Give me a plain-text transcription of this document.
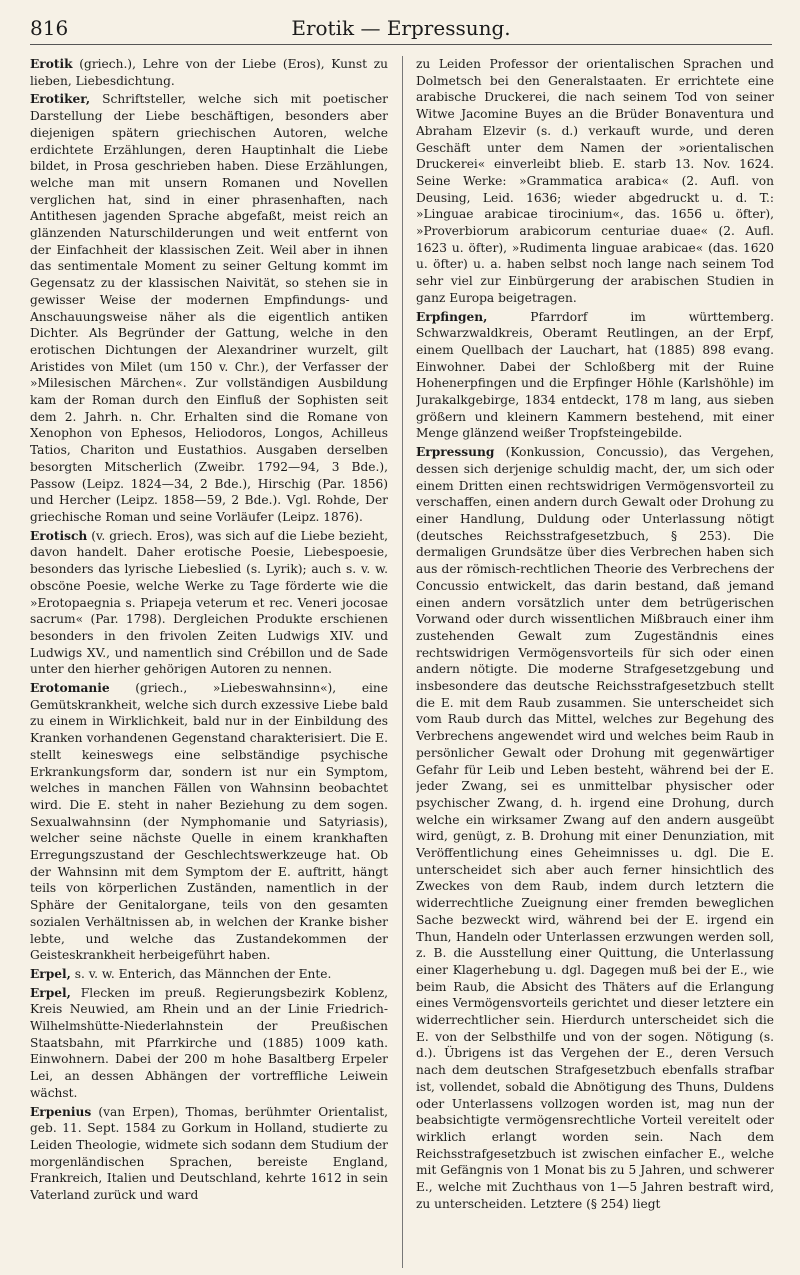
816	Erotik — Erpressung.

Erotik (griech.), Lehre von der Liebe (Eros), Kunst zu lieben, Liebesdichtung.

Erotiker, Schriftsteller, welche sich mit poetischer Darstellung der Liebe beschäftigen, besonders aber diejenigen spätern griechischen Autoren, welche erdichtete Erzählungen, deren Hauptinhalt die Liebe bildet, in Prosa geschrieben haben. Diese Erzählungen, welche man mit unsern Romanen und Novellen verglichen hat, sind in einer phrasenhaften, nach Antithesen jagenden Sprache abgefaßt, meist reich an glänzenden Naturschilderungen und weit entfernt von der Einfachheit der klassischen Zeit. Weil aber in ihnen das sentimentale Moment zu seiner Geltung kommt im Gegensatz zu der klassischen Naivität, so stehen sie in gewisser Weise der modernen Empfindungs- und Anschauungsweise näher als die eigentlich antiken Dichter. Als Begründer der Gattung, welche in den erotischen Dichtungen der Alexandriner wurzelt, gilt Aristides von Milet (um 150 v. Chr.), der Verfasser der »Milesischen Märchen«. Zur vollständigen Ausbildung kam der Roman durch den Einfluß der Sophisten seit dem 2. Jahrh. n. Chr. Erhalten sind die Romane von Xenophon von Ephesos, Heliodoros, Longos, Achilleus Tatios, Chariton und Eustathios. Ausgaben derselben besorgten Mitscherlich (Zweibr. 1792—94, 3 Bde.), Passow (Leipz. 1824—34, 2 Bde.), Hirschig (Par. 1856) und Hercher (Leipz. 1858—59, 2 Bde.). Vgl. Rohde, Der griechische Roman und seine Vorläufer (Leipz. 1876).

Erotisch (v. griech. Eros), was sich auf die Liebe bezieht, davon handelt. Daher erotische Poesie, Liebespoesie, besonders das lyrische Liebeslied (s. Lyrik); auch s. v. w. obscöne Poesie, welche Werke zu Tage förderte wie die »Erotopaegnia s. Priapeja veterum et rec. Veneri jocosae sacrum« (Par. 1798). Dergleichen Produkte erschienen besonders in den frivolen Zeiten Ludwigs XIV. und Ludwigs XV., und namentlich sind Crébillon und de Sade unter den hierher gehörigen Autoren zu nennen.

Erotomanie (griech., »Liebeswahnsinn«), eine Gemütskrankheit, welche sich durch exzessive Liebe bald zu einem in Wirklichkeit, bald nur in der Einbildung des Kranken vorhandenen Gegenstand charakterisiert. Die E. stellt keineswegs eine selbständige psychische Erkrankungsform dar, sondern ist nur ein Symptom, welches in manchen Fällen von Wahnsinn beobachtet wird. Die E. steht in naher Beziehung zu dem sogen. Sexualwahnsinn (der Nymphomanie und Satyriasis), welcher seine nächste Quelle in einem krankhaften Erregungszustand der Geschlechtswerkzeuge hat. Ob der Wahnsinn mit dem Symptom der E. auftritt, hängt teils von körperlichen Zuständen, namentlich in der Sphäre der Genitalorgane, teils von den gesamten sozialen Verhältnissen ab, in welchen der Kranke bisher lebte, und welche das Zustandekommen der Geisteskrankheit herbeigeführt haben.

Erpel, s. v. w. Enterich, das Männchen der Ente.

Erpel, Flecken im preuß. Regierungsbezirk Koblenz, Kreis Neuwied, am Rhein und an der Linie Friedrich-Wilhelmshütte-Niederlahnstein der Preußischen Staatsbahn, mit Pfarrkirche und (1885) 1009 kath. Einwohnern. Dabei der 200 m hohe Basaltberg Erpeler Lei, an dessen Abhängen der vortreffliche Leiwein wächst.

Erpenius (van Erpen), Thomas, berühmter Orientalist, geb. 11. Sept. 1584 zu Gorkum in Holland, studierte zu Leiden Theologie, widmete sich sodann dem Studium der morgenländischen Sprachen, bereiste England, Frankreich, Italien und Deutschland, kehrte 1612 in sein Vaterland zurück und ward

zu Leiden Professor der orientalischen Sprachen und Dolmetsch bei den Generalstaaten. Er errichtete eine arabische Druckerei, die nach seinem Tod von seiner Witwe Jacomine Buyes an die Brüder Bonaventura und Abraham Elzevir (s. d.) verkauft wurde, und deren Geschäft unter dem Namen der »orientalischen Druckerei« einverleibt blieb. E. starb 13. Nov. 1624. Seine Werke: »Grammatica arabica« (2. Aufl. von Deusing, Leid. 1636; wieder abgedruckt u. d. T.: »Linguae arabicae tirocinium«, das. 1656 u. öfter), »Proverbiorum arabicorum centuriae duae« (2. Aufl. 1623 u. öfter), »Rudimenta linguae arabicae« (das. 1620 u. öfter) u. a. haben selbst noch lange nach seinem Tod sehr viel zur Einbürgerung der arabischen Studien in ganz Europa beigetragen.

Erpfingen, Pfarrdorf im württemberg. Schwarzwaldkreis, Oberamt Reutlingen, an der Erpf, einem Quellbach der Lauchart, hat (1885) 898 evang. Einwohner. Dabei der Schloßberg mit der Ruine Hohenerpfingen und die Erpfinger Höhle (Karlshöhle) im Jurakalkgebirge, 1834 entdeckt, 178 m lang, aus sieben größern und kleinern Kammern bestehend, mit einer Menge glänzend weißer Tropfsteingebilde.

Erpressung (Konkussion, Concussio), das Vergehen, dessen sich derjenige schuldig macht, der, um sich oder einem Dritten einen rechtswidrigen Vermögensvorteil zu verschaffen, einen andern durch Gewalt oder Drohung zu einer Handlung, Duldung oder Unterlassung nötigt (deutsches Reichsstrafgesetzbuch, § 253). Die dermaligen Grundsätze über dies Verbrechen haben sich aus der römisch-rechtlichen Theorie des Verbrechens der Concussio entwickelt, das darin bestand, daß jemand einen andern vorsätzlich unter dem betrügerischen Vorwand oder durch wissentlichen Mißbrauch einer ihm zustehenden Gewalt zum Zugeständnis eines rechtswidrigen Vermögensvorteils für sich oder einen andern nötigte. Die moderne Strafgesetzgebung und insbesondere das deutsche Reichsstrafgesetzbuch stellt die E. mit dem Raub zusammen. Sie unterscheidet sich vom Raub durch das Mittel, welches zur Begehung des Verbrechens angewendet wird und welches beim Raub in persönlicher Gewalt oder Drohung mit gegenwärtiger Gefahr für Leib und Leben besteht, während bei der E. jeder Zwang, sei es unmittelbar physischer oder psychischer Zwang, d. h. irgend eine Drohung, durch welche ein wirksamer Zwang auf den andern ausgeübt wird, genügt, z. B. Drohung mit einer Denunziation, mit Veröffentlichung eines Geheimnisses u. dgl. Die E. unterscheidet sich aber auch ferner hinsichtlich des Zweckes von dem Raub, indem durch letztern die widerrechtliche Zueignung einer fremden beweglichen Sache bezweckt wird, während bei der E. irgend ein Thun, Handeln oder Unterlassen erzwungen werden soll, z. B. die Ausstellung einer Quittung, die Unterlassung einer Klagerhebung u. dgl. Dagegen muß bei der E., wie beim Raub, die Absicht des Thäters auf die Erlangung eines Vermögensvorteils gerichtet und dieser letztere ein widerrechtlicher sein. Hierdurch unterscheidet sich die E. von der Selbsthilfe und von der sogen. Nötigung (s. d.). Übrigens ist das Vergehen der E., deren Versuch nach dem deutschen Strafgesetzbuch ebenfalls strafbar ist, vollendet, sobald die Abnötigung des Thuns, Duldens oder Unterlassens vollzogen worden ist, mag nun der beabsichtigte vermögensrechtliche Vorteil vereitelt oder wirklich erlangt worden sein. Nach dem Reichsstrafgesetzbuch ist zwischen einfacher E., welche mit Gefängnis von 1 Monat bis zu 5 Jahren, und schwerer E., welche mit Zuchthaus von 1—5 Jahren bestraft wird, zu unterscheiden. Letztere (§ 254) liegt
